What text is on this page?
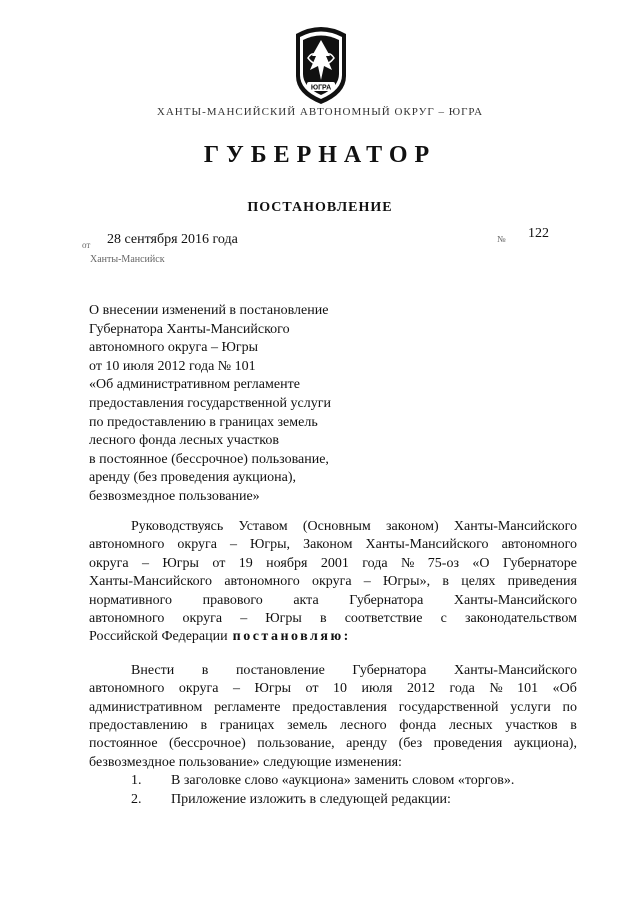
ЮГРА
ХАНТЫ-МАНСИЙСКИЙ АВТОНОМНЫЙ ОКРУГ – ЮГРА
ГУБЕРНАТОР
ПОСТАНОВЛЕНИЕ
от 28 сентября 2016 года	№ 122
Ханты-Мансийск
О внесении изменений в постановление
Губернатора Ханты-Мансийского
автономного округа – Югры
от 10 июля 2012 года № 101
«Об административном регламенте
предоставления государственной услуги
по предоставлению в границах земель
лесного фонда лесных участков
в постоянное (бессрочное) пользование,
аренду (без проведения аукциона),
безвозмездное пользование»
Руководствуясь Уставом (Основным законом) Ханты-Мансийского
автономного округа – Югры, Законом Ханты-Мансийского автономного
округа – Югры от 19 ноября 2001 года № 75-оз «О Губернаторе
Ханты-Мансийского автономного округа – Югры», в целях приведения
нормативного правового акта Губернатора Ханты-Мансийского
автономного округа – Югры в соответствие с законодательством
Российской Федерации постановляю:
Внести в постановление Губернатора Ханты-Мансийского
автономного округа – Югры от 10 июля 2012 года № 101 «Об
административном регламенте предоставления государственной услуги по
предоставлению в границах земель лесного фонда лесных участков в
постоянное (бессрочное) пользование, аренду (без проведения аукциона),
безвозмездное пользование» следующие изменения:
1.	В заголовке слово «аукциона» заменить словом «торгов».
2.	Приложение изложить в следующей редакции:
